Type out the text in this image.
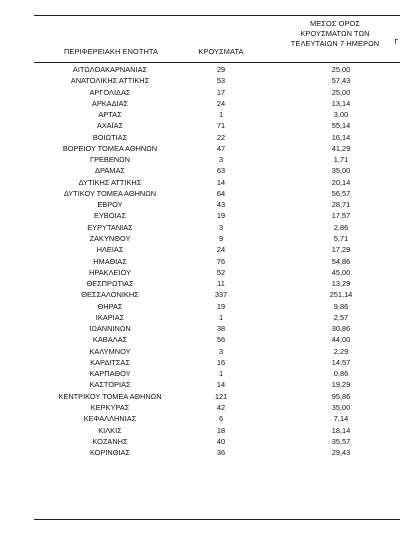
ΠΕΡΙΦΕΡΕΙΑΚΗ ΕΝΟΤΗΤΑ	ΚΡΟΥΣΜΑΤΑ
ΜΕΣΟΣ ΟΡΟΣ
ΚΡΟΥΣΜΑΤΩΝ ΤΩΝ
ΤΕΛΕΥΤΑΙΩΝ 7 ΗΜΕΡΩΝ	Γ
ΑΙΤΩΛΟΑΚΑΡΝΑΝΙΑΣ	29	25,00
ΑΝΑΤΟΛΙΚΗΣ ΑΤΤΙΚΗΣ	53	57,43
ΑΡΓΟΛΙΔΑΣ	17	25,00
ΑΡΚΑΔΙΑΣ	24	13,14
ΑΡΤΑΣ	1	3,00
ΑΧΑΪΑΣ	71	55,14
ΒΟΙΩΤΙΑΣ	22	16,14
ΒΟΡΕΙΟΥ ΤΟΜΕΑ ΑΘΗΝΩΝ	47	41,29
ΓΡΕΒΕΝΩΝ	3	1,71
ΔΡΑΜΑΣ	63	35,00
ΔΥΤΙΚΗΣ ΑΤΤΙΚΗΣ	14	20,14
ΔΥΤΙΚΟΥ ΤΟΜΕΑ ΑΘΗΝΩΝ	64	56,57
ΕΒΡΟΥ	43	28,71
ΕΥΒΟΙΑΣ	19	17,57
ΕΥΡΥΤΑΝΙΑΣ	3	2,86
ΖΑΚΥΝΘΟΥ	9	5,71
ΗΛΕΙΑΣ	24	17,29
ΗΜΑΘΙΑΣ	76	54,86
ΗΡΑΚΛΕΙΟΥ	52	45,00
ΘΕΣΠΡΩΤΙΑΣ	11	13,29
ΘΕΣΣΑΛΟΝΙΚΗΣ	337	251,14
ΘΗΡΑΣ	19	9,86
ΙΚΑΡΙΑΣ	1	2,57
ΙΩΑΝΝΙΝΩΝ	38	30,86
ΚΑΒΑΛΑΣ	56	44,00
ΚΑΛΥΜΝΟΥ	3	2,29
ΚΑΡΔΙΤΣΑΣ	16	14,57
ΚΑΡΠΑΘΟΥ	1	0,86
ΚΑΣΤΟΡΙΑΣ	14	19,29
ΚΕΝΤΡΙΚΟΥ ΤΟΜΕΑ ΑΘΗΝΩΝ	121	95,86
ΚΕΡΚΥΡΑΣ	42	35,00
ΚΕΦΑΛΛΗΝΙΑΣ	6	7,14
ΚΙΛΚΙΣ	18	18,14
ΚΟΖΑΝΗΣ	40	35,57
ΚΟΡΙΝΘΙΑΣ	36	29,43
